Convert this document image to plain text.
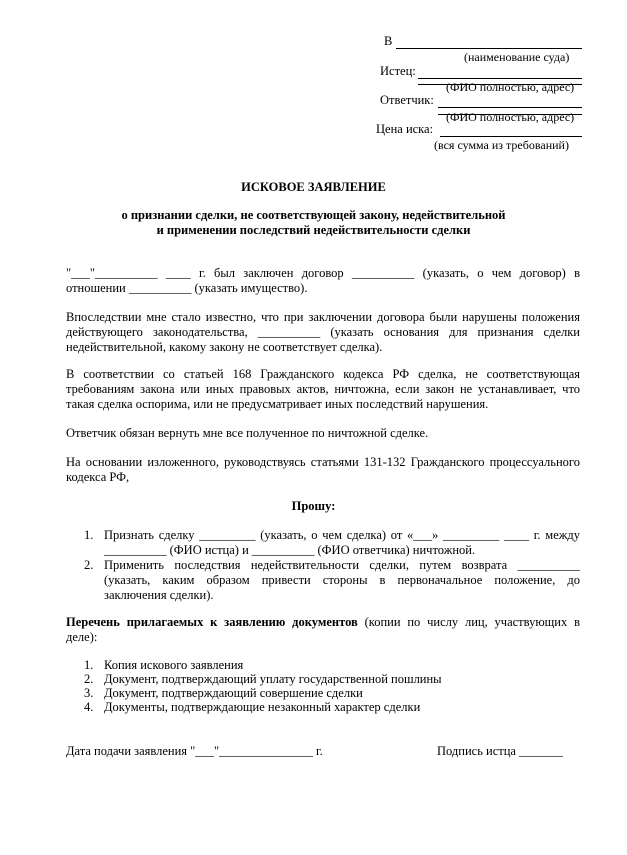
В
(наименование суда)
Истец:
(ФИО полностью, адрес)
Ответчик:
(ФИО полностью, адрес)
Цена иска:
(вся сумма из требований)
ИСКОВОЕ ЗАЯВЛЕНИЕ
о признании сделки, не соответствующей закону, недействительной
и применении последствий недействительности сделки
"___"__________ ____ г. был заключен договор __________ (указать, о чем договор) в
отношении __________ (указать имущество).
Впоследствии мне стало известно, что при заключении договора были нарушены положения
действующего законодательства, __________ (указать основания для признания сделки
недействительной, какому закону не соответствует сделка).
В соответствии со статьей 168 Гражданского кодекса РФ сделка, не соответствующая
требованиям закона или иных правовых актов, ничтожна, если закон не устанавливает, что
такая сделка оспорима, или не предусматривает иных последствий нарушения.
Ответчик обязан вернуть мне все полученное по ничтожной сделке.
На основании изложенного, руководствуясь статьями 131-132 Гражданского процессуального
кодекса РФ,
Прошу:
1. Признать сделку _________ (указать, о чем сделка) от «___» _________ ____ г. между
__________ (ФИО истца) и __________ (ФИО ответчика) ничтожной.
2. Применить последствия недействительности сделки, путем возврата __________
(указать, каким образом привести стороны в первоначальное положение, до
заключения сделки).
Перечень прилагаемых к заявлению документов (копии по числу лиц, участвующих в
деле):
1. Копия искового заявления
2. Документ, подтверждающий уплату государственной пошлины
3. Документ, подтверждающий совершение сделки
4. Документы, подтверждающие незаконный характер сделки
Дата подачи заявления "___"_______________ г.	Подпись истца _______
